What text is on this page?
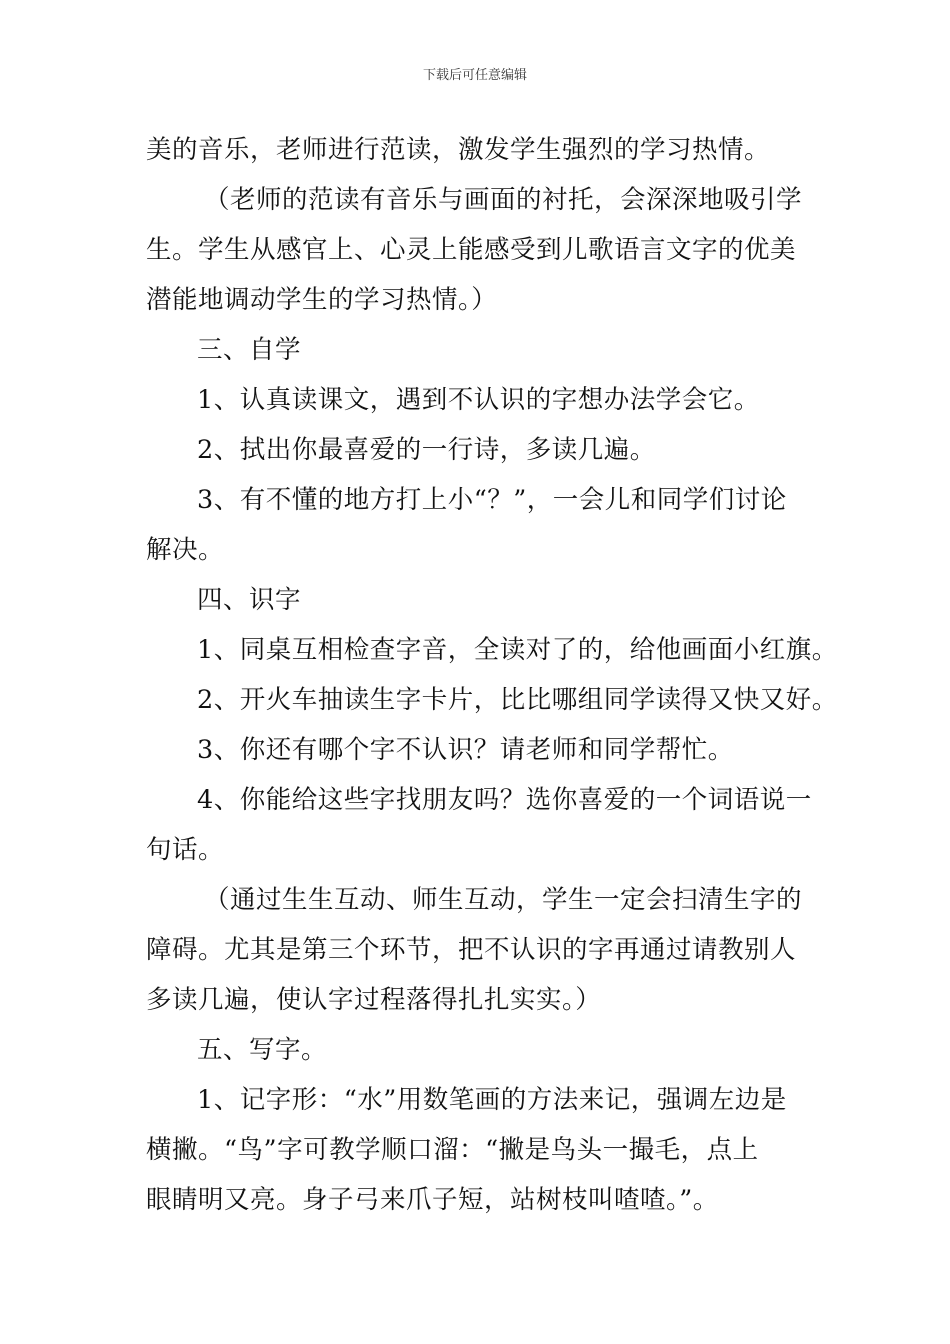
下载后可任意编辑

美的音乐，老师进行范读，激发学生强烈的学习热情。

（老师的范读有音乐与画面的衬托，会深深地吸引学

生。学生从感官上、心灵上能感受到儿歌语言文字的优美

潜能地调动学生的学习热情。）

三、自学

1、认真读课文，遇到不认识的字想办法学会它。

2、拭出你最喜爱的一行诗，多读几遍。

3、有不懂的地方打上小“？”，一会儿和同学们讨论

解决。

四、识字

1、同桌互相检查字音，全读对了的，给他画面小红旗。

2、开火车抽读生字卡片，比比哪组同学读得又快又好。

3、你还有哪个字不认识？请老师和同学帮忙。

4、你能给这些字找朋友吗？选你喜爱的一个词语说一

句话。

（通过生生互动、师生互动，学生一定会扫清生字的

障碍。尤其是第三个环节，把不认识的字再通过请教别人

多读几遍，使认字过程落得扎扎实实。）

五、写字。

1、记字形：“水”用数笔画的方法来记，强调左边是

横撇。“鸟”字可教学顺口溜：“撇是鸟头一撮毛，点上

眼睛明又亮。身子弓来爪子短，站树枝叫喳喳。”。
